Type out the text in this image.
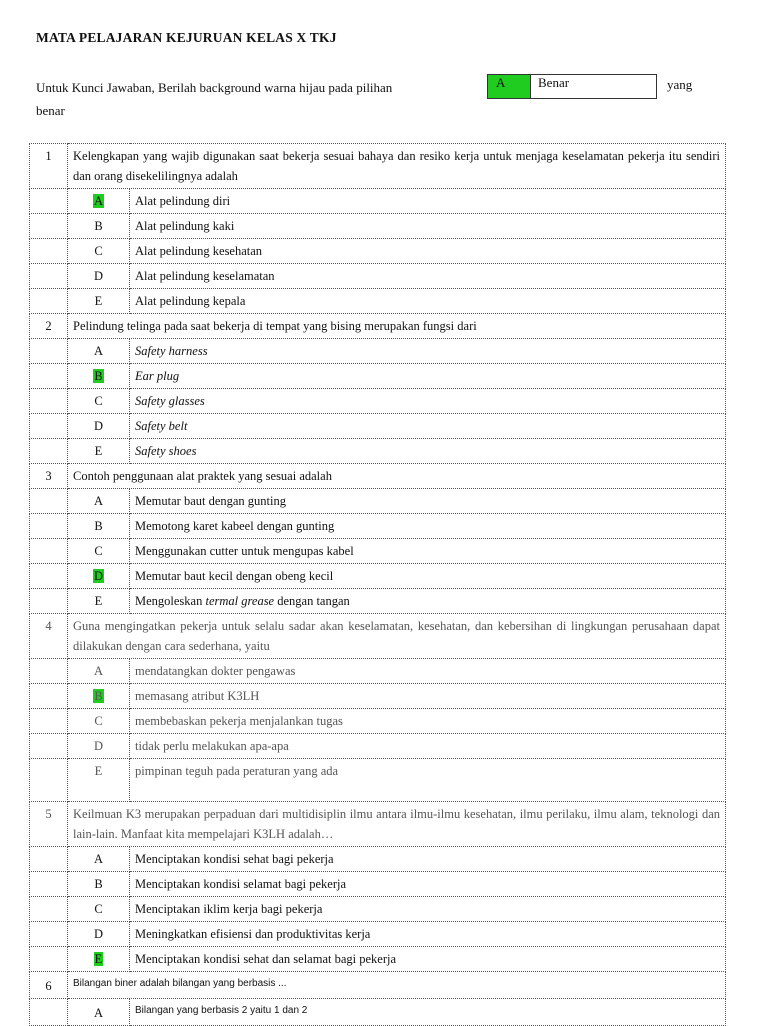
MATA PELAJARAN KEJURUAN KELAS X TKJ
Untuk Kunci Jawaban, Berilah background warna hijau pada pilihan
benar
A	Benar	yang
1	Kelengkapan yang wajib digunakan saat bekerja sesuai bahaya dan resiko kerja untuk menjaga keselamatan pekerja itu sendiri dan orang disekelilingnya adalah	
	A	Alat pelindung diri
	B	Alat pelindung kaki
	C	Alat pelindung kesehatan
	D	Alat pelindung keselamatan
	E	Alat pelindung kepala
2	Pelindung telinga pada saat bekerja di tempat yang bising merupakan fungsi dari	
	A	Safety harness
	B	Ear plug
	C	Safety glasses
	D	Safety belt
	E	Safety shoes
3	Contoh penggunaan alat praktek yang sesuai adalah	
	A	Memutar baut dengan gunting
	B	Memotong karet kabeel dengan gunting
	C	Menggunakan cutter untuk mengupas kabel
	D	Memutar baut kecil dengan obeng kecil
	E	Mengoleskan termal grease dengan tangan
4	Guna mengingatkan pekerja untuk selalu sadar akan keselamatan, kesehatan, dan kebersihan di lingkungan perusahaan dapat dilakukan dengan cara sederhana, yaitu	
	A	mendatangkan dokter pengawas
	B	memasang atribut K3LH
	C	membebaskan pekerja menjalankan tugas
	D	tidak perlu melakukan apa-apa
	E	pimpinan teguh pada peraturan yang ada
5	Keilmuan K3 merupakan perpaduan dari multidisiplin ilmu antara ilmu-ilmu kesehatan, ilmu perilaku, ilmu alam, teknologi dan lain-lain. Manfaat kita mempelajari K3LH adalah…	
	A	Menciptakan kondisi sehat bagi pekerja
	B	Menciptakan kondisi selamat bagi pekerja
	C	Menciptakan iklim kerja bagi pekerja
	D	Meningkatkan efisiensi dan produktivitas kerja
	E	Menciptakan kondisi sehat dan selamat bagi pekerja
6	Bilangan biner adalah bilangan yang berbasis ...	
	A	Bilangan yang berbasis 2 yaitu 1 dan 2
